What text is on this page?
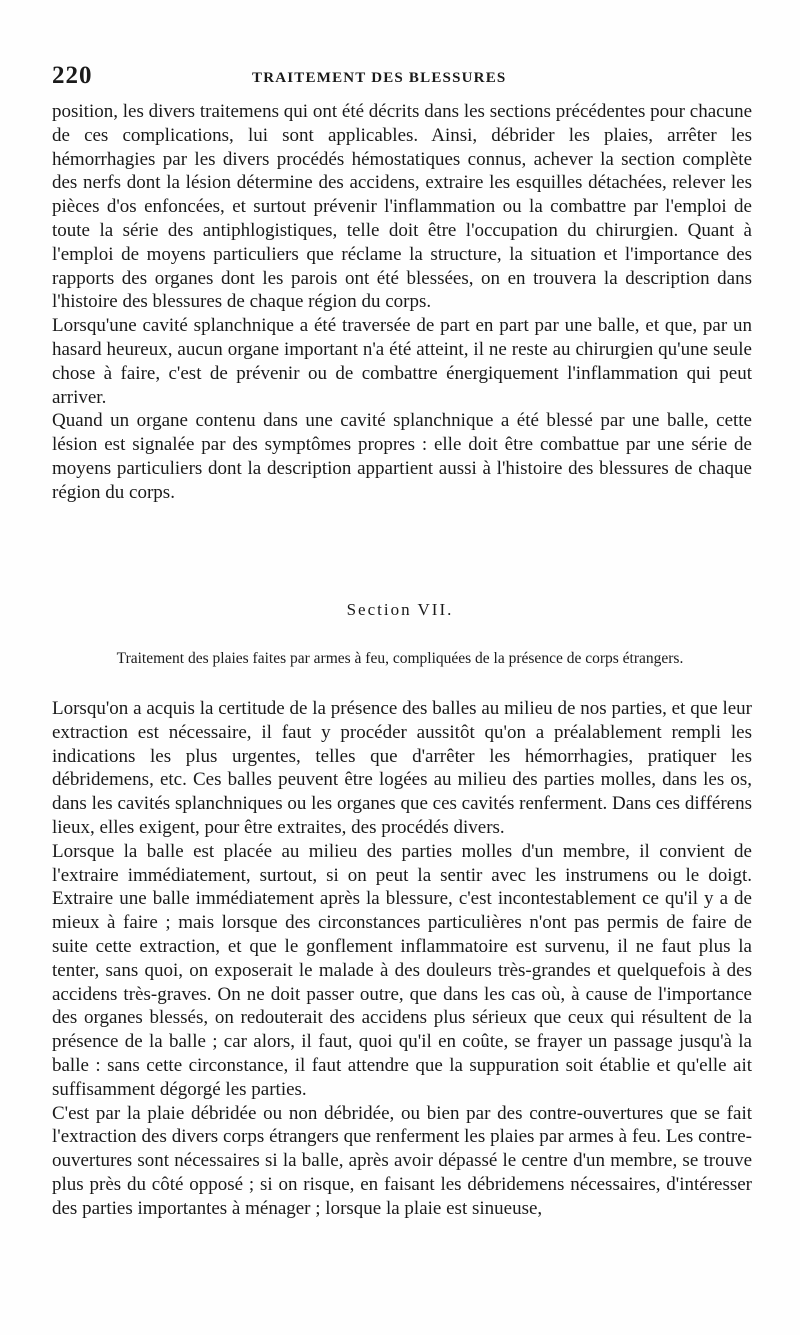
220	TRAITEMENT DES BLESSURES

position, les divers traitemens qui ont été décrits dans les sections précédentes pour chacune de ces complications, lui sont applicables. Ainsi, débrider les plaies, arrêter les hémorrhagies par les divers procédés hémostatiques connus, achever la section complète des nerfs dont la lésion détermine des accidens, extraire les esquilles détachées, relever les pièces d'os enfoncées, et surtout prévenir l'inflammation ou la combattre par l'emploi de toute la série des antiphlogistiques, telle doit être l'occupation du chirurgien. Quant à l'emploi de moyens particuliers que réclame la structure, la situation et l'importance des rapports des organes dont les parois ont été blessées, on en trouvera la description dans l'histoire des blessures de chaque région du corps.

Lorsqu'une cavité splanchnique a été traversée de part en part par une balle, et que, par un hasard heureux, aucun organe important n'a été atteint, il ne reste au chirurgien qu'une seule chose à faire, c'est de prévenir ou de combattre énergiquement l'inflammation qui peut arriver.

Quand un organe contenu dans une cavité splanchnique a été blessé par une balle, cette lésion est signalée par des symptômes propres : elle doit être combattue par une série de moyens particuliers dont la description appartient aussi à l'histoire des blessures de chaque région du corps.

Section VII.
Traitement des plaies faites par armes à feu, compliquées de la présence de corps étrangers.

Lorsqu'on a acquis la certitude de la présence des balles au milieu de nos parties, et que leur extraction est nécessaire, il faut y procéder aussitôt qu'on a préalablement rempli les indications les plus urgentes, telles que d'arrêter les hémorrhagies, pratiquer les débridemens, etc. Ces balles peuvent être logées au milieu des parties molles, dans les os, dans les cavités splanchniques ou les organes que ces cavités renferment. Dans ces différens lieux, elles exigent, pour être extraites, des procédés divers.

Lorsque la balle est placée au milieu des parties molles d'un membre, il convient de l'extraire immédiatement, surtout, si on peut la sentir avec les instrumens ou le doigt. Extraire une balle immédiatement après la blessure, c'est incontestablement ce qu'il y a de mieux à faire ; mais lorsque des circonstances particulières n'ont pas permis de faire de suite cette extraction, et que le gonflement inflammatoire est survenu, il ne faut plus la tenter, sans quoi, on exposerait le malade à des douleurs très-grandes et quelquefois à des accidens très-graves. On ne doit passer outre, que dans les cas où, à cause de l'importance des organes blessés, on redouterait des accidens plus sérieux que ceux qui résultent de la présence de la balle ; car alors, il faut, quoi qu'il en coûte, se frayer un passage jusqu'à la balle : sans cette circonstance, il faut attendre que la suppuration soit établie et qu'elle ait suffisamment dégorgé les parties.

C'est par la plaie débridée ou non débridée, ou bien par des contre-ouvertures que se fait l'extraction des divers corps étrangers que renferment les plaies par armes à feu. Les contre-ouvertures sont nécessaires si la balle, après avoir dépassé le centre d'un membre, se trouve plus près du côté opposé ; si on risque, en faisant les débridemens nécessaires, d'intéresser des parties importantes à ménager ; lorsque la plaie est sinueuse,
